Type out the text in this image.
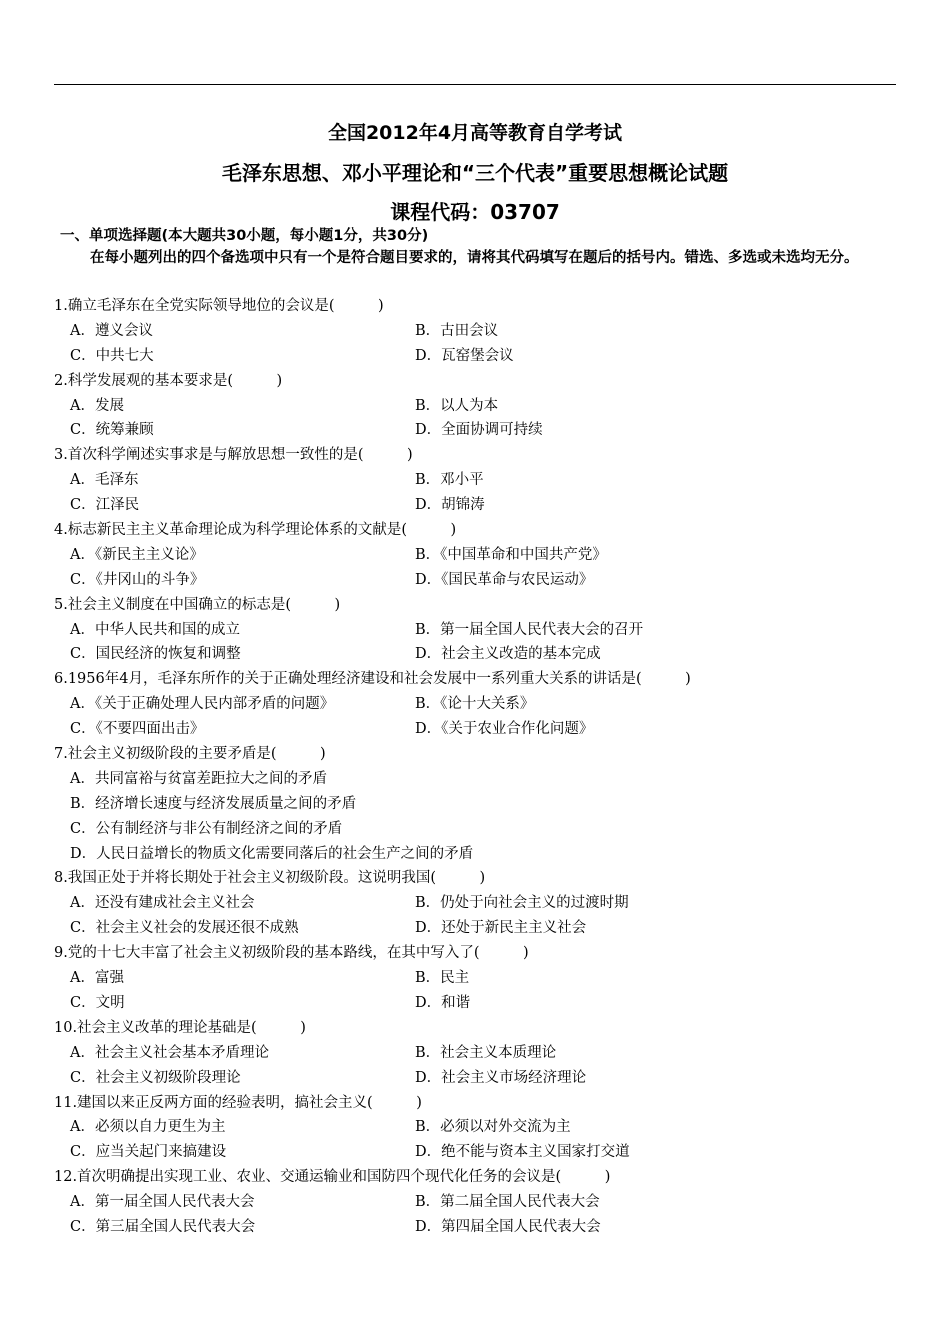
全国2012年4月高等教育自学考试
毛泽东思想、邓小平理论和“三个代表”重要思想概论试题
课程代码：03707
一、单项选择题(本大题共30小题，每小题1分，共30分)
在每小题列出的四个备选项中只有一个是符合题目要求的，请将其代码填写在题后的括号内。错选、多选或未选均无分。
1.确立毛泽东在全党实际领导地位的会议是(　　　)
A．遵义会议	B．古田会议
C．中共七大	D．瓦窑堡会议
2.科学发展观的基本要求是(　　　)
A．发展	B．以人为本
C．统筹兼顾	D．全面协调可持续
3.首次科学阐述实事求是与解放思想一致性的是(　　　)
A．毛泽东	B．邓小平
C．江泽民	D．胡锦涛
4.标志新民主主义革命理论成为科学理论体系的文献是(　　　)
A．《新民主主义论》	B．《中国革命和中国共产党》
C．《井冈山的斗争》	D．《国民革命与农民运动》
5.社会主义制度在中国确立的标志是(　　　)
A．中华人民共和国的成立	B．第一届全国人民代表大会的召开
C．国民经济的恢复和调整	D．社会主义改造的基本完成
6.1956年4月，毛泽东所作的关于正确处理经济建设和社会发展中一系列重大关系的讲话是(　　　)
A．《关于正确处理人民内部矛盾的问题》	B．《论十大关系》
C．《不要四面出击》	D．《关于农业合作化问题》
7.社会主义初级阶段的主要矛盾是(　　　)
A．共同富裕与贫富差距拉大之间的矛盾
B．经济增长速度与经济发展质量之间的矛盾
C．公有制经济与非公有制经济之间的矛盾
D．人民日益增长的物质文化需要同落后的社会生产之间的矛盾
8.我国正处于并将长期处于社会主义初级阶段。这说明我国(　　　)
A．还没有建成社会主义社会	B．仍处于向社会主义的过渡时期
C．社会主义社会的发展还很不成熟	D．还处于新民主主义社会
9.党的十七大丰富了社会主义初级阶段的基本路线，在其中写入了(　　　)
A．富强	B．民主
C．文明	D．和谐
10.社会主义改革的理论基础是(　　　)
A．社会主义社会基本矛盾理论	B．社会主义本质理论
C．社会主义初级阶段理论	D．社会主义市场经济理论
11.建国以来正反两方面的经验表明，搞社会主义(　　　)
A．必须以自力更生为主	B．必须以对外交流为主
C．应当关起门来搞建设	D．绝不能与资本主义国家打交道
12.首次明确提出实现工业、农业、交通运输业和国防四个现代化任务的会议是(　　　)
A．第一届全国人民代表大会	B．第二届全国人民代表大会
C．第三届全国人民代表大会	D．第四届全国人民代表大会
